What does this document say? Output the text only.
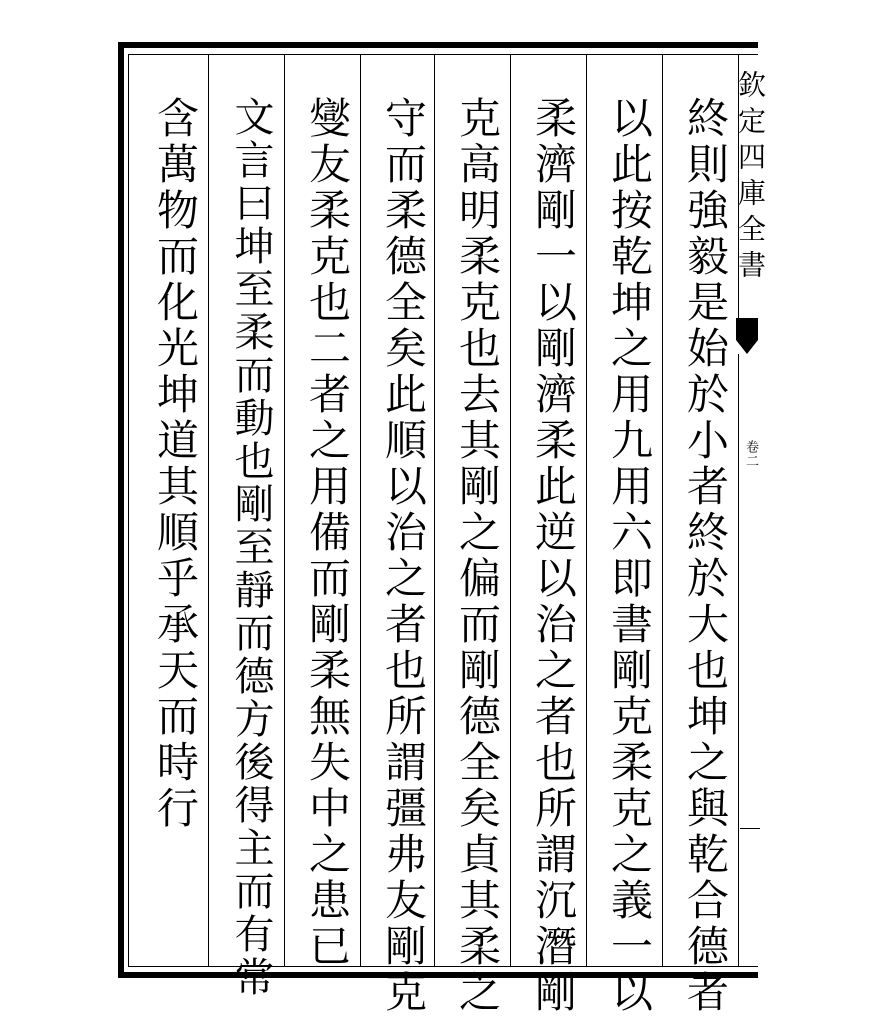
終則強毅是始於小者終於大也坤之與乾合德者
以此按乾坤之用九用六即書剛克柔克之義一以
柔濟剛一以剛濟柔此逆以治之者也所謂沉潛剛
克高明柔克也去其剛之偏而剛德全矣貞其柔之
守而柔德全矣此順以治之者也所謂彊弗友剛克
燮友柔克也二者之用備而剛柔無失中之患已
文言曰坤至柔而動也剛至靜而德方後得主而有常
含萬物而化光坤道其順乎承天而時行	欽定四庫全書
卷二
